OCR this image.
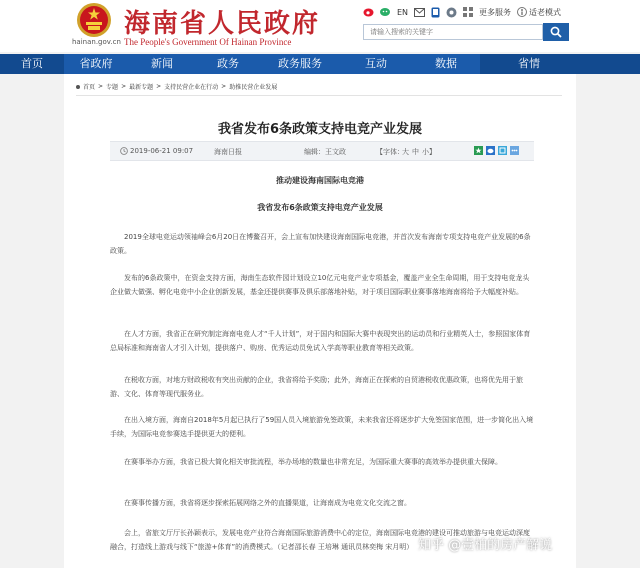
hainan.gov.cn
海南省人民政府
The People's Government Of Hainan Province
EN	更多服务 适老模式
请输入搜索的关键字
首页	省政府	新闻	政务	政务服务	互动	数据	省情
首页 > 专题 > 最新专题 > 支持民营企业在行动 > 助推民营企业发展
我省发布6条政策支持电竞产业发展
2019-06-21 09:07	海南日报	编辑：王文政	【字体：
大 中 小】
推动建设海南国际电竞港
我省发布6条政策支持电竞产业发展
2019全球电竞运动领袖峰会6月20日在博鳌召开，会上宣布加快建设海南国际电竞港，并首次发布海南专项支持电竞产业发展的6条政策。
发布的6条政策中，在资金支持方面，海南生态软件园计划设立10亿元电竞产业专项基金，覆盖产业全生命周期，用于支持电竞龙头企业做大做强、孵化电竞中小企业创新发展，基金还提供赛事及俱乐部落地补贴，对于项目国际职业赛事落地海南将给予大幅度补贴。
在人才方面，我省正在研究制定海南电竞人才“千人计划”，对于国内和国际大赛中表现突出的运动员和行业精英人士，参照国家体育总局标准和海南省人才引入计划，提供落户、购房、优秀运动员免试入学高等职业教育等相关政策。
在税收方面，对地方财政税收有突出贡献的企业，我省将给予奖励；此外，海南正在探索的自贸港税收优惠政策，也将优先用于旅游、文化、体育等现代服务业。
在出入境方面，海南自2018年5月起已执行了59国人员入境旅游免签政策，未来我省还将逐步扩大免签国家范围，进一步简化出入境手续，为国际电竞参赛选手提供更大的便利。
在赛事举办方面，我省已极大简化相关审批流程，举办场地的数量也非常充足，为国际重大赛事的高效举办提供重大保障。
在赛事传播方面，我省将逐步探索拓展网络之外的直播渠道，让海南成为电竞文化交流之窗。
会上，省旅文厅厅长孙颖表示，发展电竞产业符合海南国际旅游消费中心的定位，海南国际电竞港的建设可推动旅游与电竞运动深度融合，打造线上游戏与线下“旅游+体育”的消费模式。（记者邵长春 王培琳 通讯员林奕梅 宋月明） 知乎 @壹柏的房产解说
